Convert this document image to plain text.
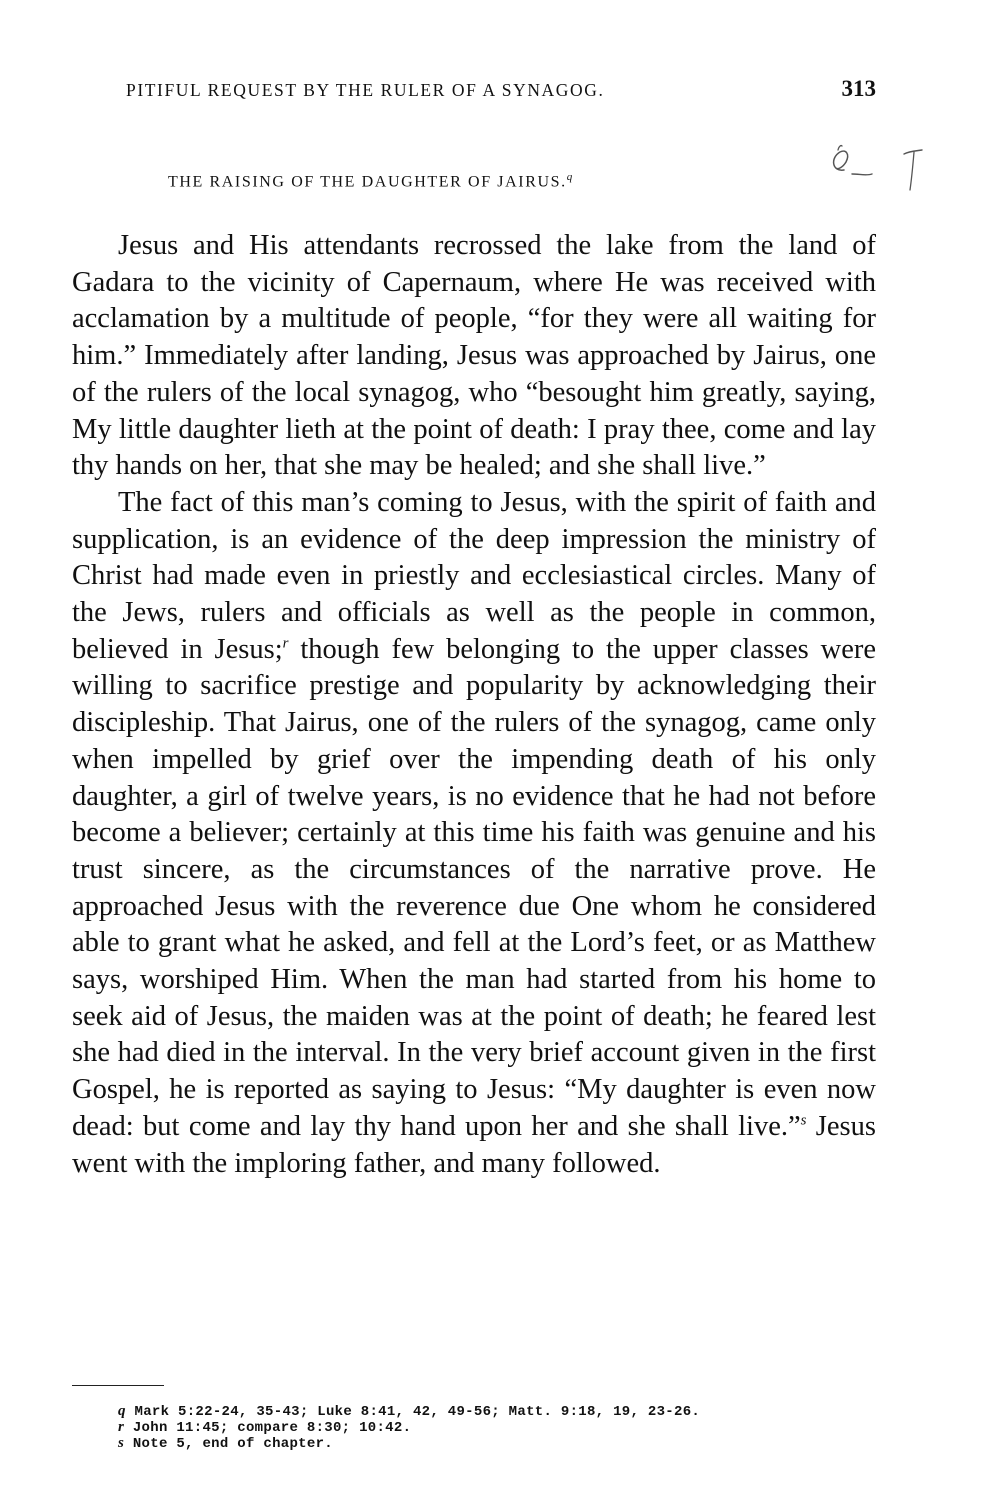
PITIFUL REQUEST BY THE RULER OF A SYNAGOG.	313
THE RAISING OF THE DAUGHTER OF JAIRUS.$^q$

Jesus and His attendants recrossed the lake from the land of Gadara to the vicinity of Capernaum, where He was received with acclamation by a multitude of people, “for they were all waiting for him.” Immediately after landing, Jesus was approached by Jairus, one of the rulers of the local synagog, who “besought him greatly, saying, My little daughter lieth at the point of death: I pray thee, come and lay thy hands on her, that she may be healed; and she shall live.”

The fact of this man’s coming to Jesus, with the spirit of faith and supplication, is an evidence of the deep impression the ministry of Christ had made even in priestly and ecclesiastical circles. Many of the Jews, rulers and officials as well as the people in common, believed in Jesus;$^r$ though few belonging to the upper classes were willing to sacrifice prestige and popularity by acknowledging their discipleship. That Jairus, one of the rulers of the synagog, came only when impelled by grief over the impending death of his only daughter, a girl of twelve years, is no evidence that he had not before become a believer; certainly at this time his faith was genuine and his trust sincere, as the circumstances of the narrative prove. He approached Jesus with the reverence due One whom he considered able to grant what he asked, and fell at the Lord’s feet, or as Matthew says, worshiped Him. When the man had started from his home to seek aid of Jesus, the maiden was at the point of death; he feared lest she had died in the interval. In the very brief account given in the first Gospel, he is reported as saying to Jesus: “My daughter is even now dead: but come and lay thy hand upon her and she shall live.”$^s$ Jesus went with the imploring father, and many followed.

q Mark 5:22-24, 35-43; Luke 8:41, 42, 49-56; Matt. 9:18, 19, 23-26.
r John 11:45; compare 8:30; 10:42.
s Note 5, end of chapter.
